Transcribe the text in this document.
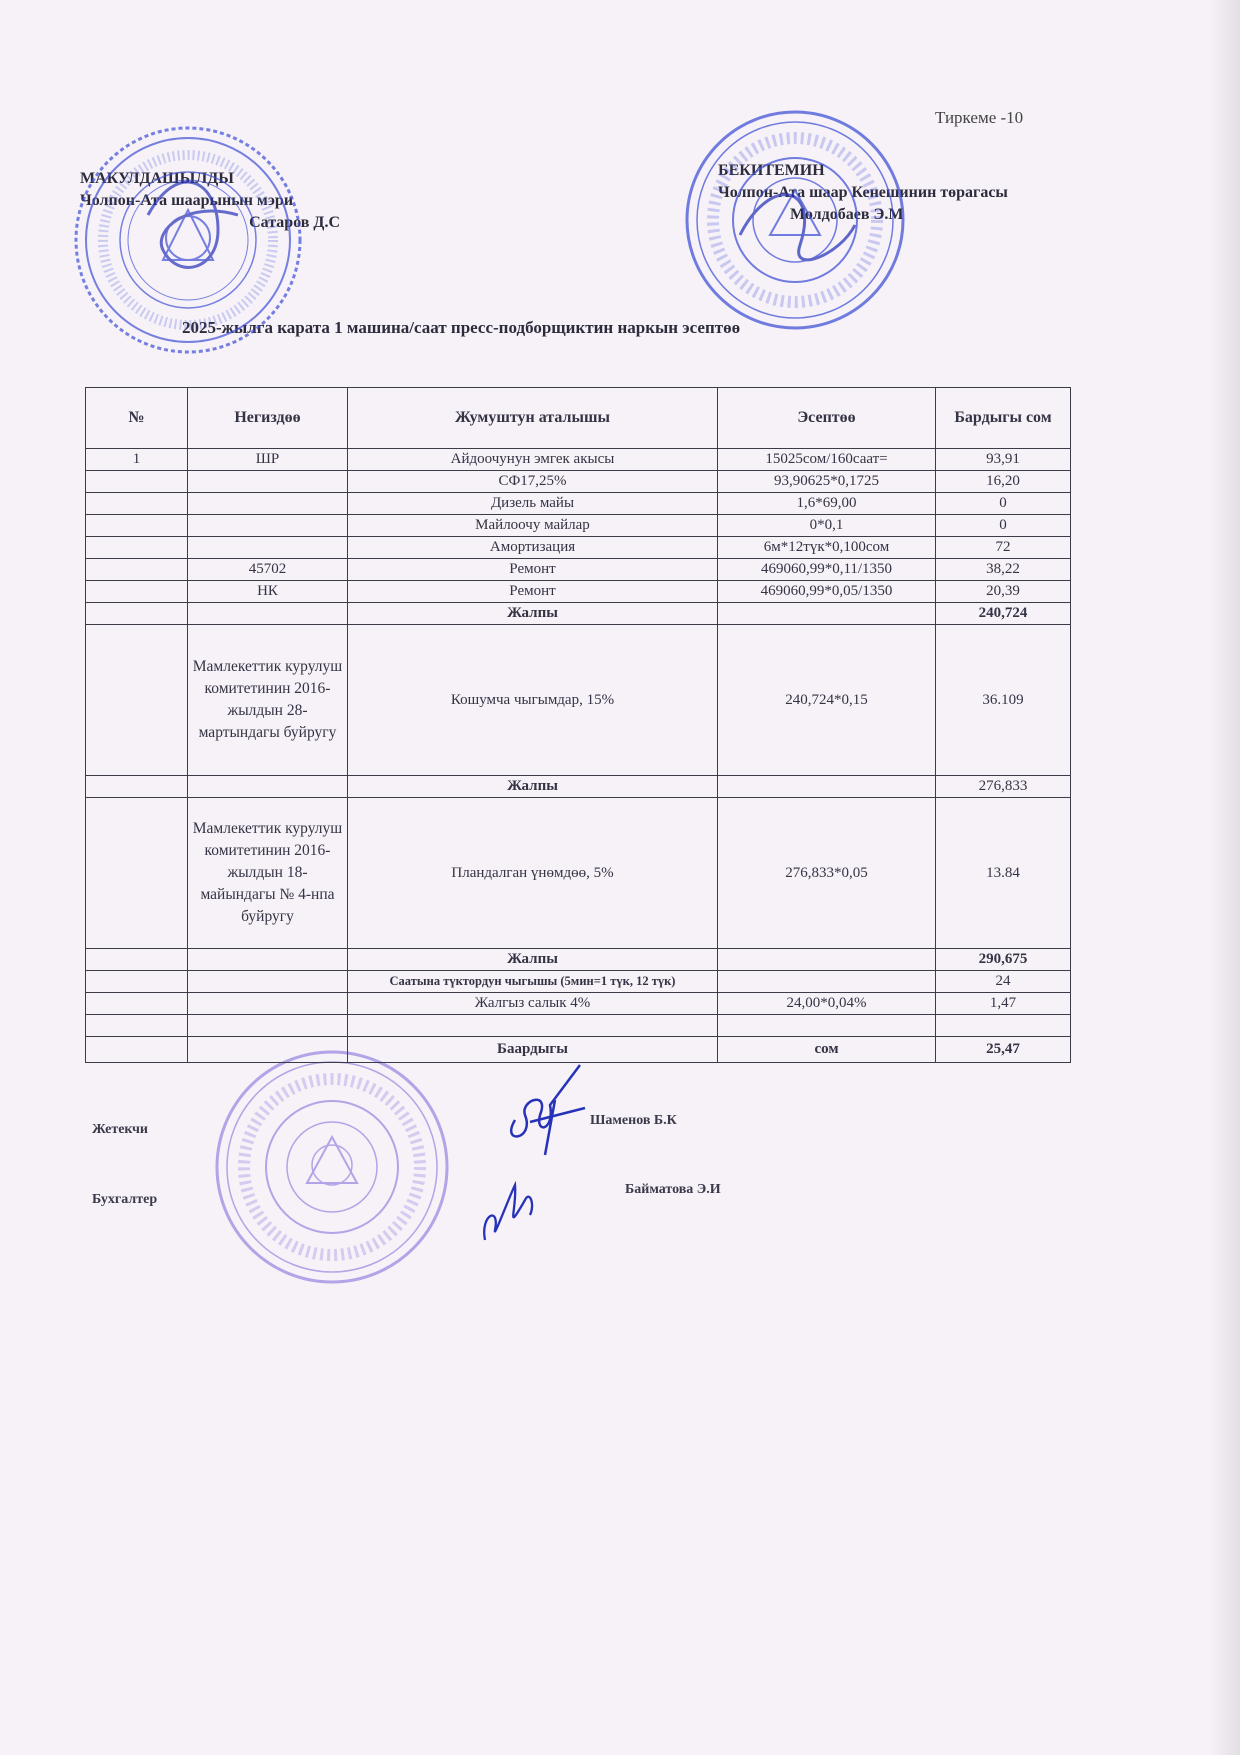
Тиркеме -10
МАКУЛДАШЫЛДЫ
Чолпон-Ата шаарынын мэри
Сатаров Д.С
БЕКИТЕМИН
Чолпон-Ата шаар Кенешинин төрагасы
Молдобаев Э.М
2025-жылга карата 1 машина/саат пресс-подборщиктин наркын эсептөө
№	Негиздөө	Жумуштун аталышы	Эсептөө	Бардыгы сом
1	ШР	Айдоочунун эмгек акысы	15025сом/160саат=	93,91
		СФ17,25%	93,90625*0,1725	16,20
		Дизель майы	1,6*69,00	0
		Майлоочу майлар	0*0,1	0
		Амортизация	6м*12түк*0,100сом	72
	45702	Ремонт	469060,99*0,11/1350	38,22
	НК	Ремонт	469060,99*0,05/1350	20,39
		Жалпы		240,724
	Мамлекеттик курулуш комитетинин 2016-жылдын 28-мартындагы буйругу	Кошумча чыгымдар, 15%	240,724*0,15	36.109
		Жалпы		276,833
	Мамлекеттик курулуш комитетинин 2016-жылдын 18-майындагы № 4-нпа буйругу	Пландалган үнөмдөө, 5%	276,833*0,05	13.84
		Жалпы		290,675
		Саатына түктордун чыгышы (5мин=1 түк, 12 түк)		24
		Жалгыз салык 4%	24,00*0,04%	1,47

		Баардыгы	сом	25,47
Жетекчи
Шаменов Б.К
Бухгалтер
Байматова Э.И
